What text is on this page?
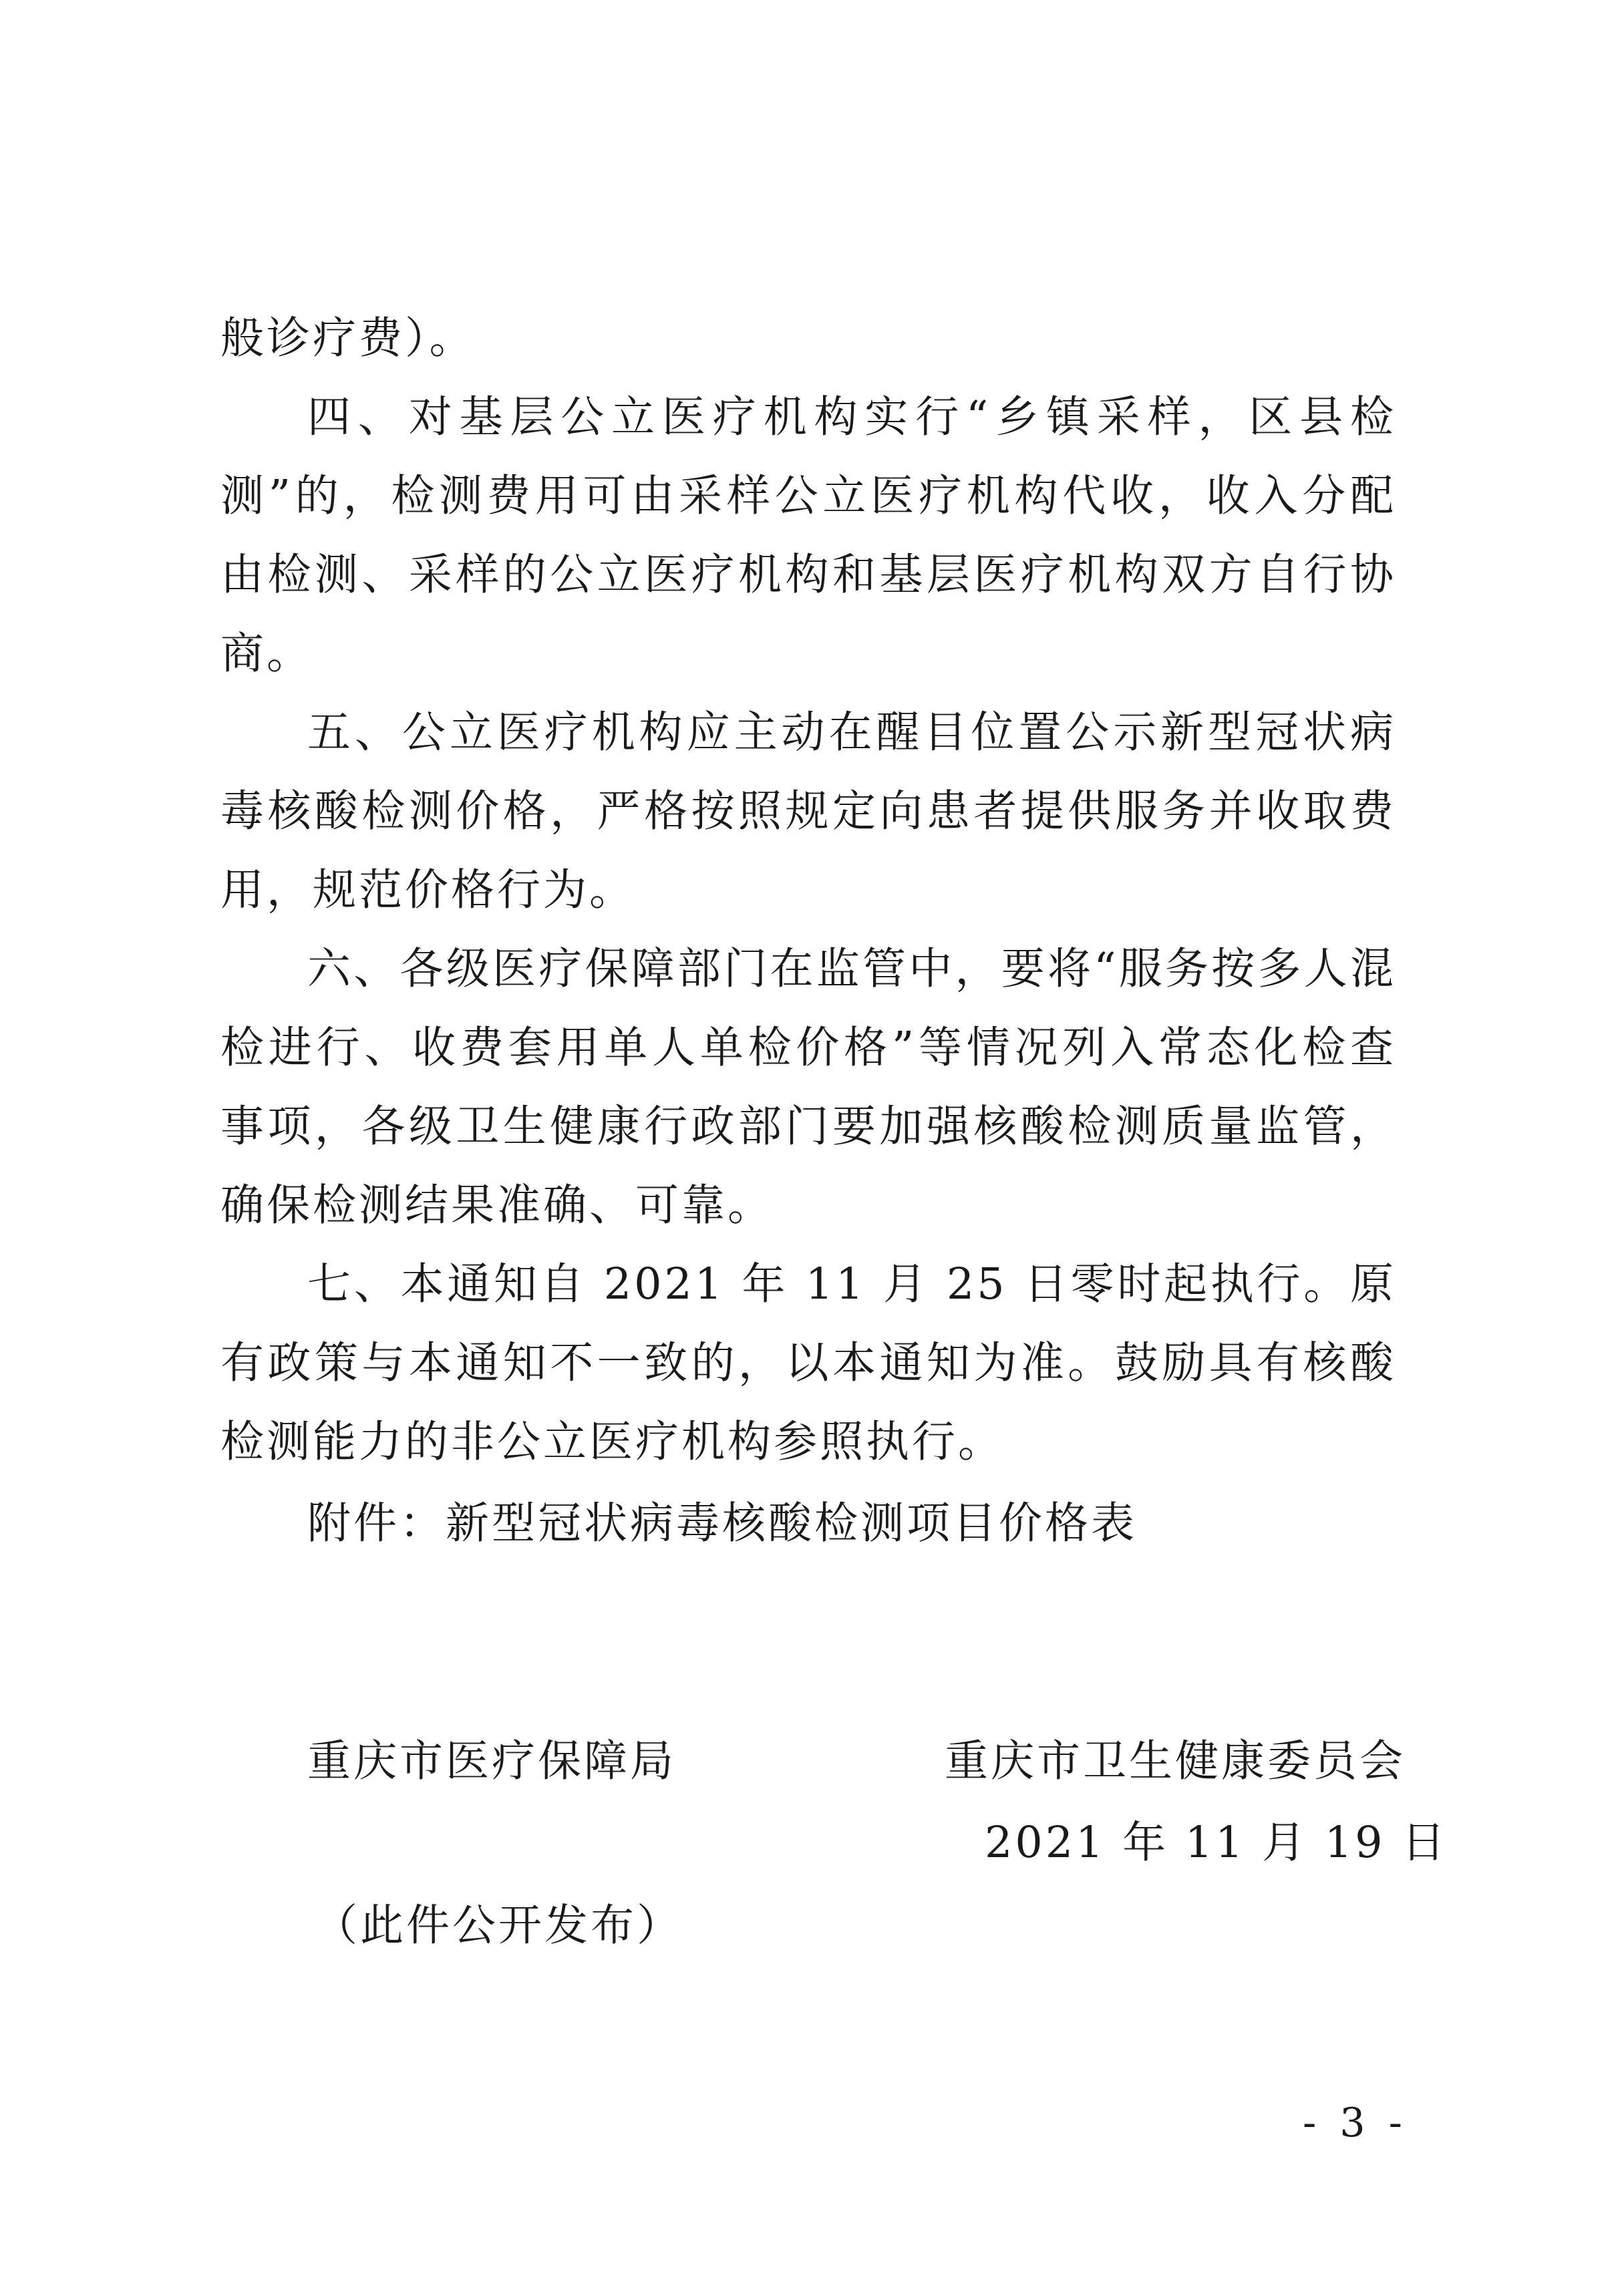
般诊疗费）。

四、对基层公立医疗机构实行“乡镇采样，区县检测”的，检测费用可由采样公立医疗机构代收，收入分配由检测、采样的公立医疗机构和基层医疗机构双方自行协商。

五、公立医疗机构应主动在醒目位置公示新型冠状病毒核酸检测价格，严格按照规定向患者提供服务并收取费用，规范价格行为。

六、各级医疗保障部门在监管中，要将“服务按多人混检进行、收费套用单人单检价格”等情况列入常态化检查事项，各级卫生健康行政部门要加强核酸检测质量监管，确保检测结果准确、可靠。

七、本通知自 2021 年 11 月 25 日零时起执行。原有政策与本通知不一致的，以本通知为准。鼓励具有核酸检测能力的非公立医疗机构参照执行。

附件：新型冠状病毒核酸检测项目价格表
重庆市医疗保障局	重庆市卫生健康委员会
2021 年 11 月 19 日
（此件公开发布）
- 3 -
